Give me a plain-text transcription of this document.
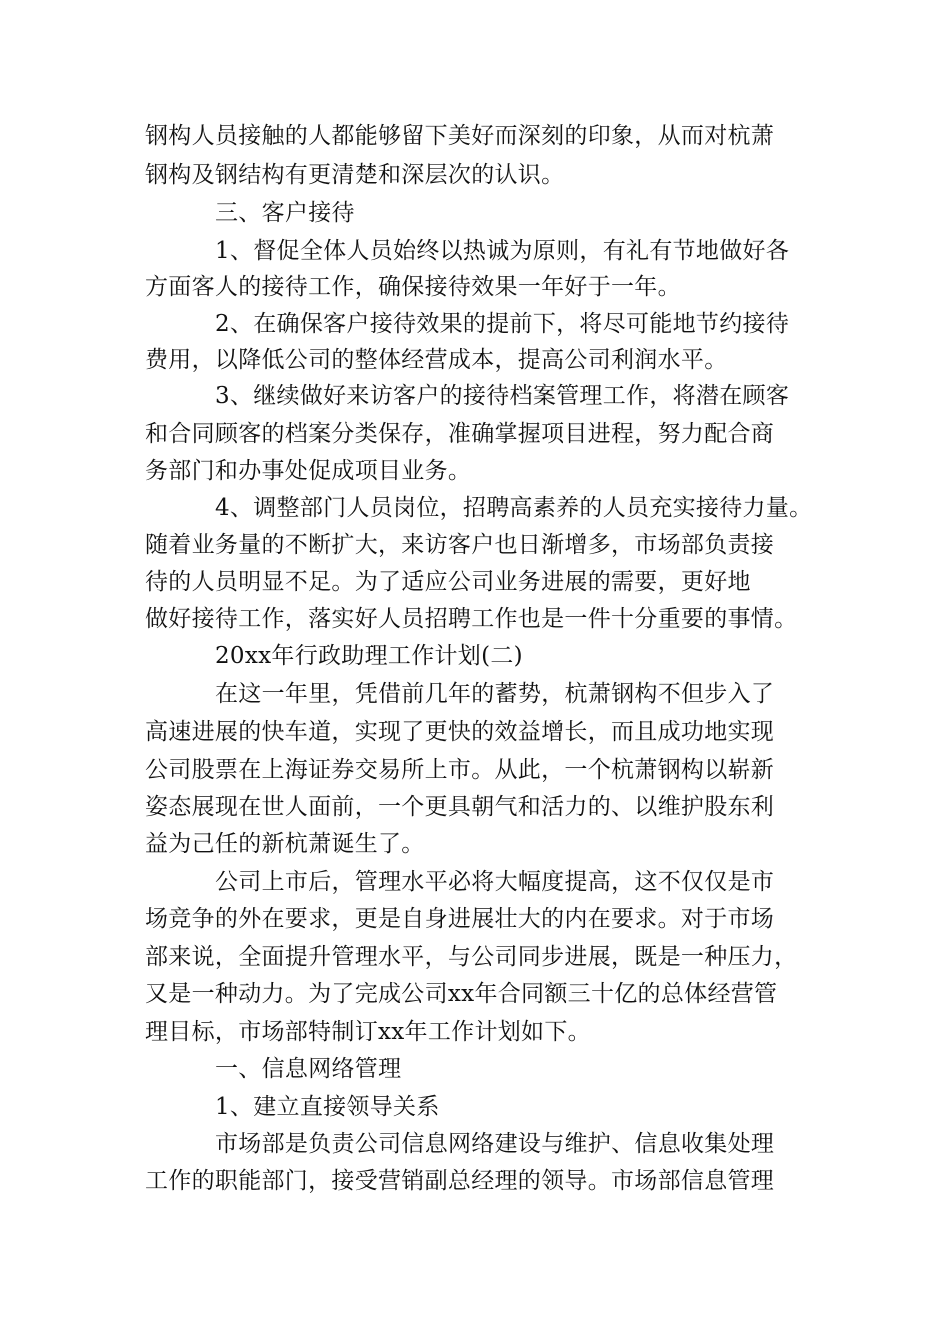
钢构人员接触的人都能够留下美好而深刻的印象，从而对杭萧
钢构及钢结构有更清楚和深层次的认识。
三、客户接待
1、督促全体人员始终以热诚为原则，有礼有节地做好各
方面客人的接待工作，确保接待效果一年好于一年。
2、在确保客户接待效果的提前下，将尽可能地节约接待
费用，以降低公司的整体经营成本，提高公司利润水平。
3、继续做好来访客户的接待档案管理工作，将潜在顾客
和合同顾客的档案分类保存，准确掌握项目进程，努力配合商
务部门和办事处促成项目业务。
4、调整部门人员岗位，招聘高素养的人员充实接待力量。
随着业务量的不断扩大，来访客户也日渐增多，市场部负责接
待的人员明显不足。为了适应公司业务进展的需要，更好地
做好接待工作，落实好人员招聘工作也是一件十分重要的事情。
20xx年行政助理工作计划(二)
在这一年里，凭借前几年的蓄势，杭萧钢构不但步入了
高速进展的快车道，实现了更快的效益增长，而且成功地实现
公司股票在上海证券交易所上市。从此，一个杭萧钢构以崭新
姿态展现在世人面前，一个更具朝气和活力的、以维护股东利
益为己任的新杭萧诞生了。
公司上市后，管理水平必将大幅度提高，这不仅仅是市
场竞争的外在要求，更是自身进展壮大的内在要求。对于市场
部来说，全面提升管理水平，与公司同步进展，既是一种压力，
又是一种动力。为了完成公司xx年合同额三十亿的总体经营管
理目标，市场部特制订xx年工作计划如下。
一、信息网络管理
1、建立直接领导关系
市场部是负责公司信息网络建设与维护、信息收集处理
工作的职能部门，接受营销副总经理的领导。市场部信息管理
